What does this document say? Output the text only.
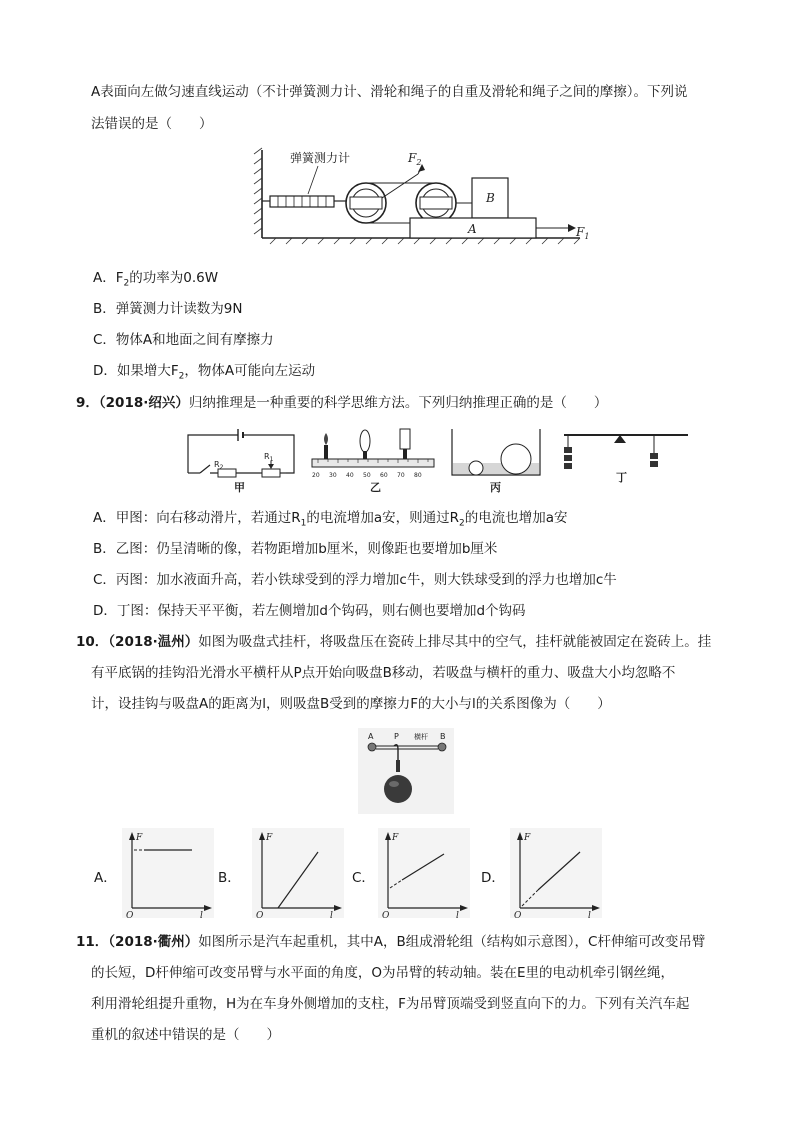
A表面向左做匀速直线运动（不计弹簧测力计、滑轮和绳子的自重及滑轮和绳子之间的摩擦）。下列说
法错误的是（　　）
弹簧测力计	$F_2$
B
A	$F_1$
A．$F_2$的功率为0.6W
B．弹簧测力计读数为9N
C．物体A和地面之间有摩擦力
D．如果增大$F_2$，物体A可能向左运动
9．（2018·绍兴）归纳推理是一种重要的科学思维方法。下列归纳推理正确的是（　　）
$R_2$
$R_1$
甲
20 30 40 50 60 70 80
乙	丙
丁
A．甲图：向右移动滑片，若通过$R_1$的电流增加a安，则通过$R_2$的电流也增加a安
B．乙图：仍呈清晰的像，若物距增加b厘米，则像距也要增加b厘米
C．丙图：加水液面升高，若小铁球受到的浮力增加c牛，则大铁球受到的浮力也增加c牛
D．丁图：保持天平平衡，若左侧增加d个钩码，则右侧也要增加d个钩码
10．（2018·温州）如图为吸盘式挂杆，将吸盘压在瓷砖上排尽其中的空气，挂杆就能被固定在瓷砖上。挂
有平底锅的挂钩沿光滑水平横杆从P点开始向吸盘B移动，若吸盘与横杆的重力、吸盘大小均忽略不
计，设挂钩与吸盘A的距离为l，则吸盘B受到的摩擦力F的大小与l的关系图像为（　　）
A	P 横杆 B
A．
F
l
O
B．
F
l
O
C．
F
l
O
D．
F
l
O
11．（2018·衢州）如图所示是汽车起重机，其中A，B组成滑轮组（结构如示意图），C杆伸缩可改变吊臂
的长短，D杆伸缩可改变吊臂与水平面的角度，O为吊臂的转动轴。装在E里的电动机牵引钢丝绳，
利用滑轮组提升重物，H为在车身外侧增加的支柱，F为吊臂顶端受到竖直向下的力。下列有关汽车起
重机的叙述中错误的是（　　）
